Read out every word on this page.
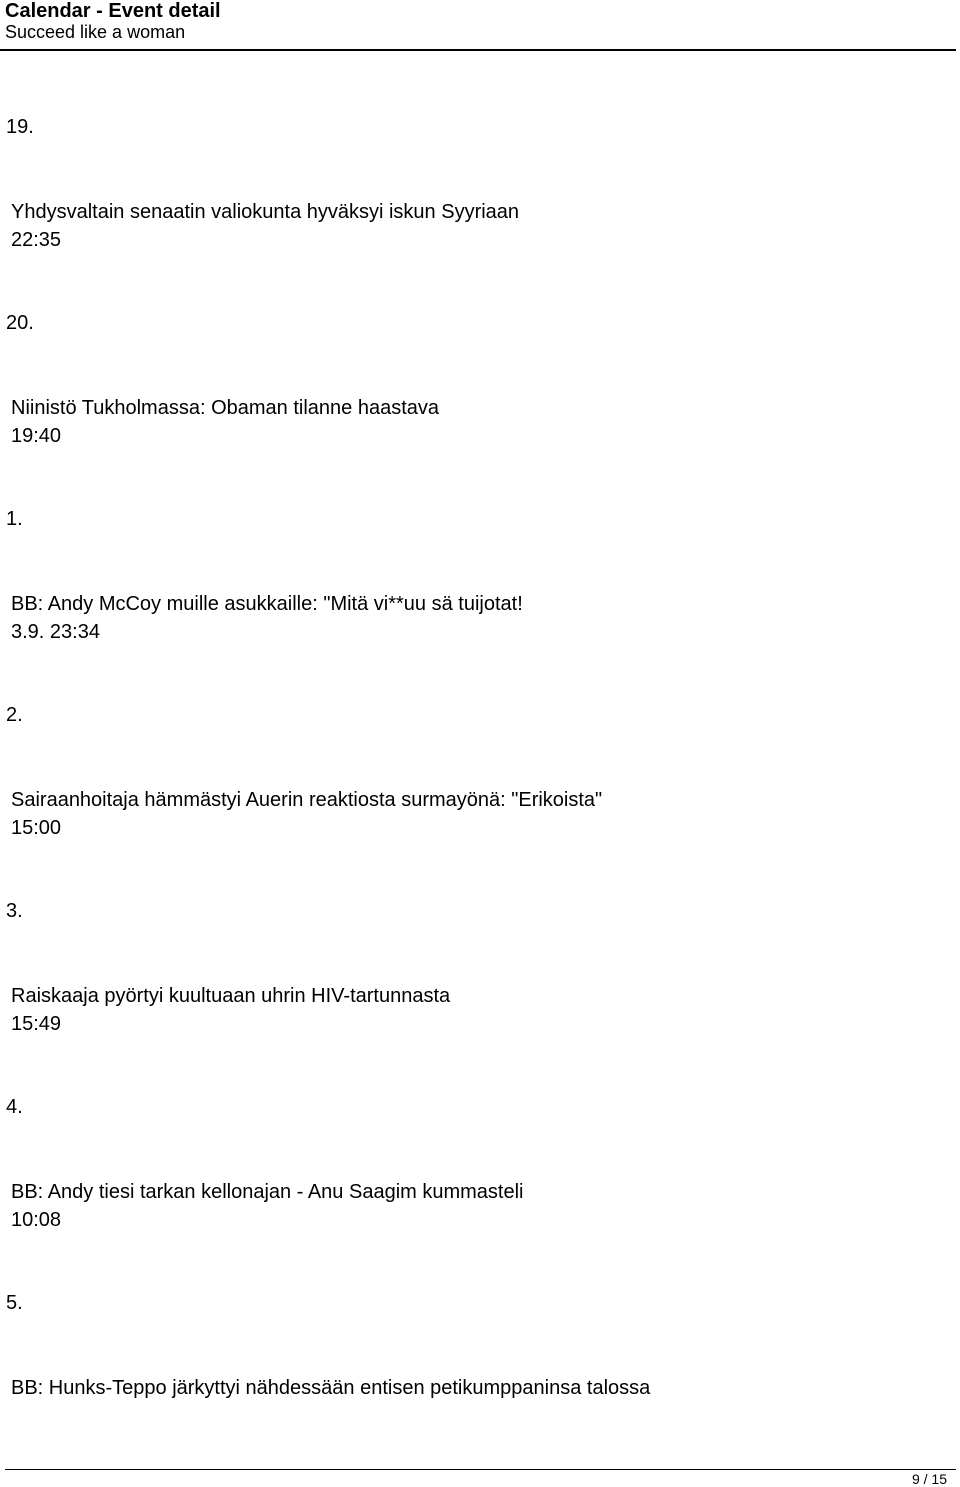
Calendar - Event detail
Succeed like a woman
19.
Yhdysvaltain senaatin valiokunta hyväksyi iskun Syyriaan
22:35
20.
Niinistö Tukholmassa: Obaman tilanne haastava
19:40
1.
BB: Andy McCoy muille asukkaille: "Mitä vi**uu sä tuijotat!
3.9. 23:34
2.
Sairaanhoitaja hämmästyi Auerin reaktiosta surmayönä: "Erikoista"
15:00
3.
Raiskaaja pyörtyi kuultuaan uhrin HIV-tartunnasta
15:49
4.
BB: Andy tiesi tarkan kellonajan - Anu Saagim kummasteli
10:08
5.
BB: Hunks-Teppo järkyttyi nähdessään entisen petikumppaninsa talossa
9 / 15
